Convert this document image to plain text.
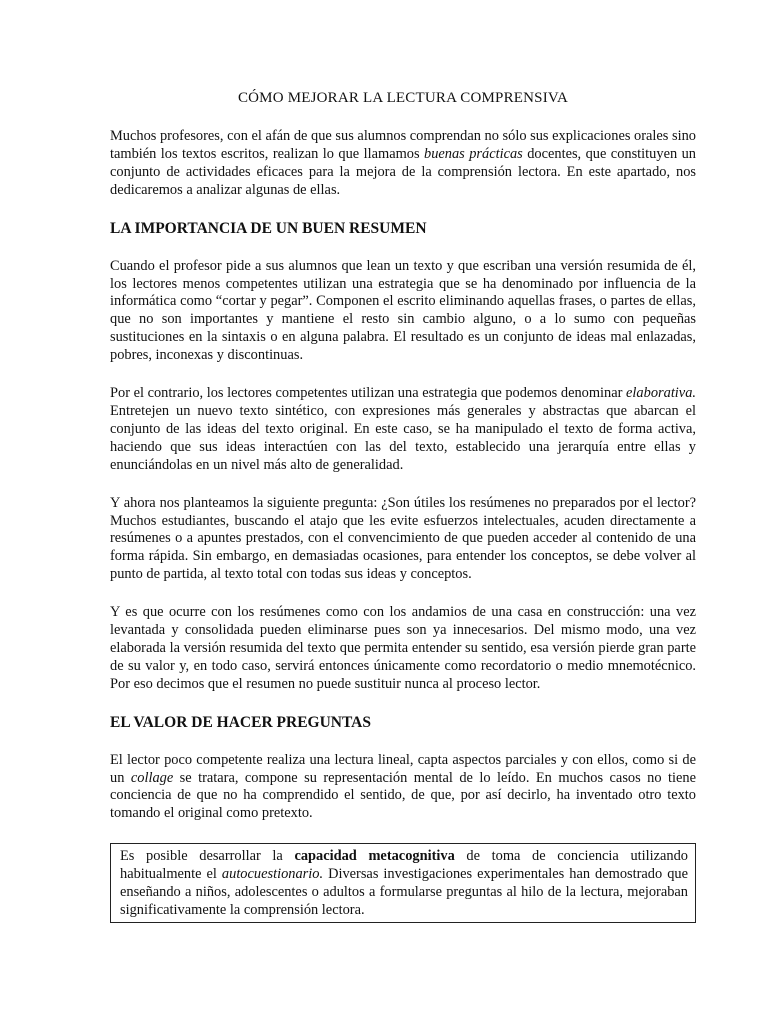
CÓMO MEJORAR LA LECTURA COMPRENSIVA

Muchos profesores, con el afán de que sus alumnos comprendan no sólo sus explicaciones orales sino también los textos escritos, realizan lo que llamamos buenas prácticas docentes, que constituyen un conjunto de actividades eficaces para la mejora de la comprensión lectora. En este apartado, nos dedicaremos a analizar algunas de ellas.

LA IMPORTANCIA DE UN BUEN RESUMEN

Cuando el profesor pide a sus alumnos que lean un texto y que escriban una versión resumida de él, los lectores menos competentes utilizan una estrategia que se ha denominado por influencia de la informática como “cortar y pegar”. Componen el escrito eliminando aquellas frases, o partes de ellas, que no son importantes y mantiene el resto sin cambio alguno, o a lo sumo con pequeñas sustituciones en la sintaxis o en alguna palabra. El resultado es un conjunto de ideas mal enlazadas, pobres, inconexas y discontinuas.

Por el contrario, los lectores competentes utilizan una estrategia que podemos denominar elaborativa. Entretejen un nuevo texto sintético, con expresiones más generales y abstractas que abarcan el conjunto de las ideas del texto original. En este caso, se ha manipulado el texto de forma activa, haciendo que sus ideas interactúen con las del texto, establecido una jerarquía entre ellas y enunciándolas en un nivel más alto de generalidad.

Y ahora nos planteamos la siguiente pregunta: ¿Son útiles los resúmenes no preparados por el lector? Muchos estudiantes, buscando el atajo que les evite esfuerzos intelectuales, acuden directamente a resúmenes o a apuntes prestados, con el convencimiento de que pueden acceder al contenido de una forma rápida. Sin embargo, en demasiadas ocasiones, para entender los conceptos, se debe volver al punto de partida, al texto total con todas sus ideas y conceptos.

Y es que ocurre con los resúmenes como con los andamios de una casa en construcción: una vez levantada y consolidada pueden eliminarse pues son ya innecesarios. Del mismo modo, una vez elaborada la versión resumida del texto que permita entender su sentido, esa versión pierde gran parte de su valor y, en todo caso, servirá entonces únicamente como recordatorio o medio mnemotécnico. Por eso decimos que el resumen no puede sustituir nunca al proceso lector.

EL VALOR DE HACER PREGUNTAS

El lector poco competente realiza una lectura lineal, capta aspectos parciales y con ellos, como si de un collage se tratara, compone su representación mental de lo leído. En muchos casos no tiene conciencia de que no ha comprendido el sentido, de que, por así decirlo, ha inventado otro texto tomando el original como pretexto.

Es posible desarrollar la capacidad metacognitiva de toma de conciencia utilizando habitualmente el autocuestionario. Diversas investigaciones experimentales han demostrado que enseñando a niños, adolescentes o adultos a formularse preguntas al hilo de la lectura, mejoraban significativamente la comprensión lectora.
